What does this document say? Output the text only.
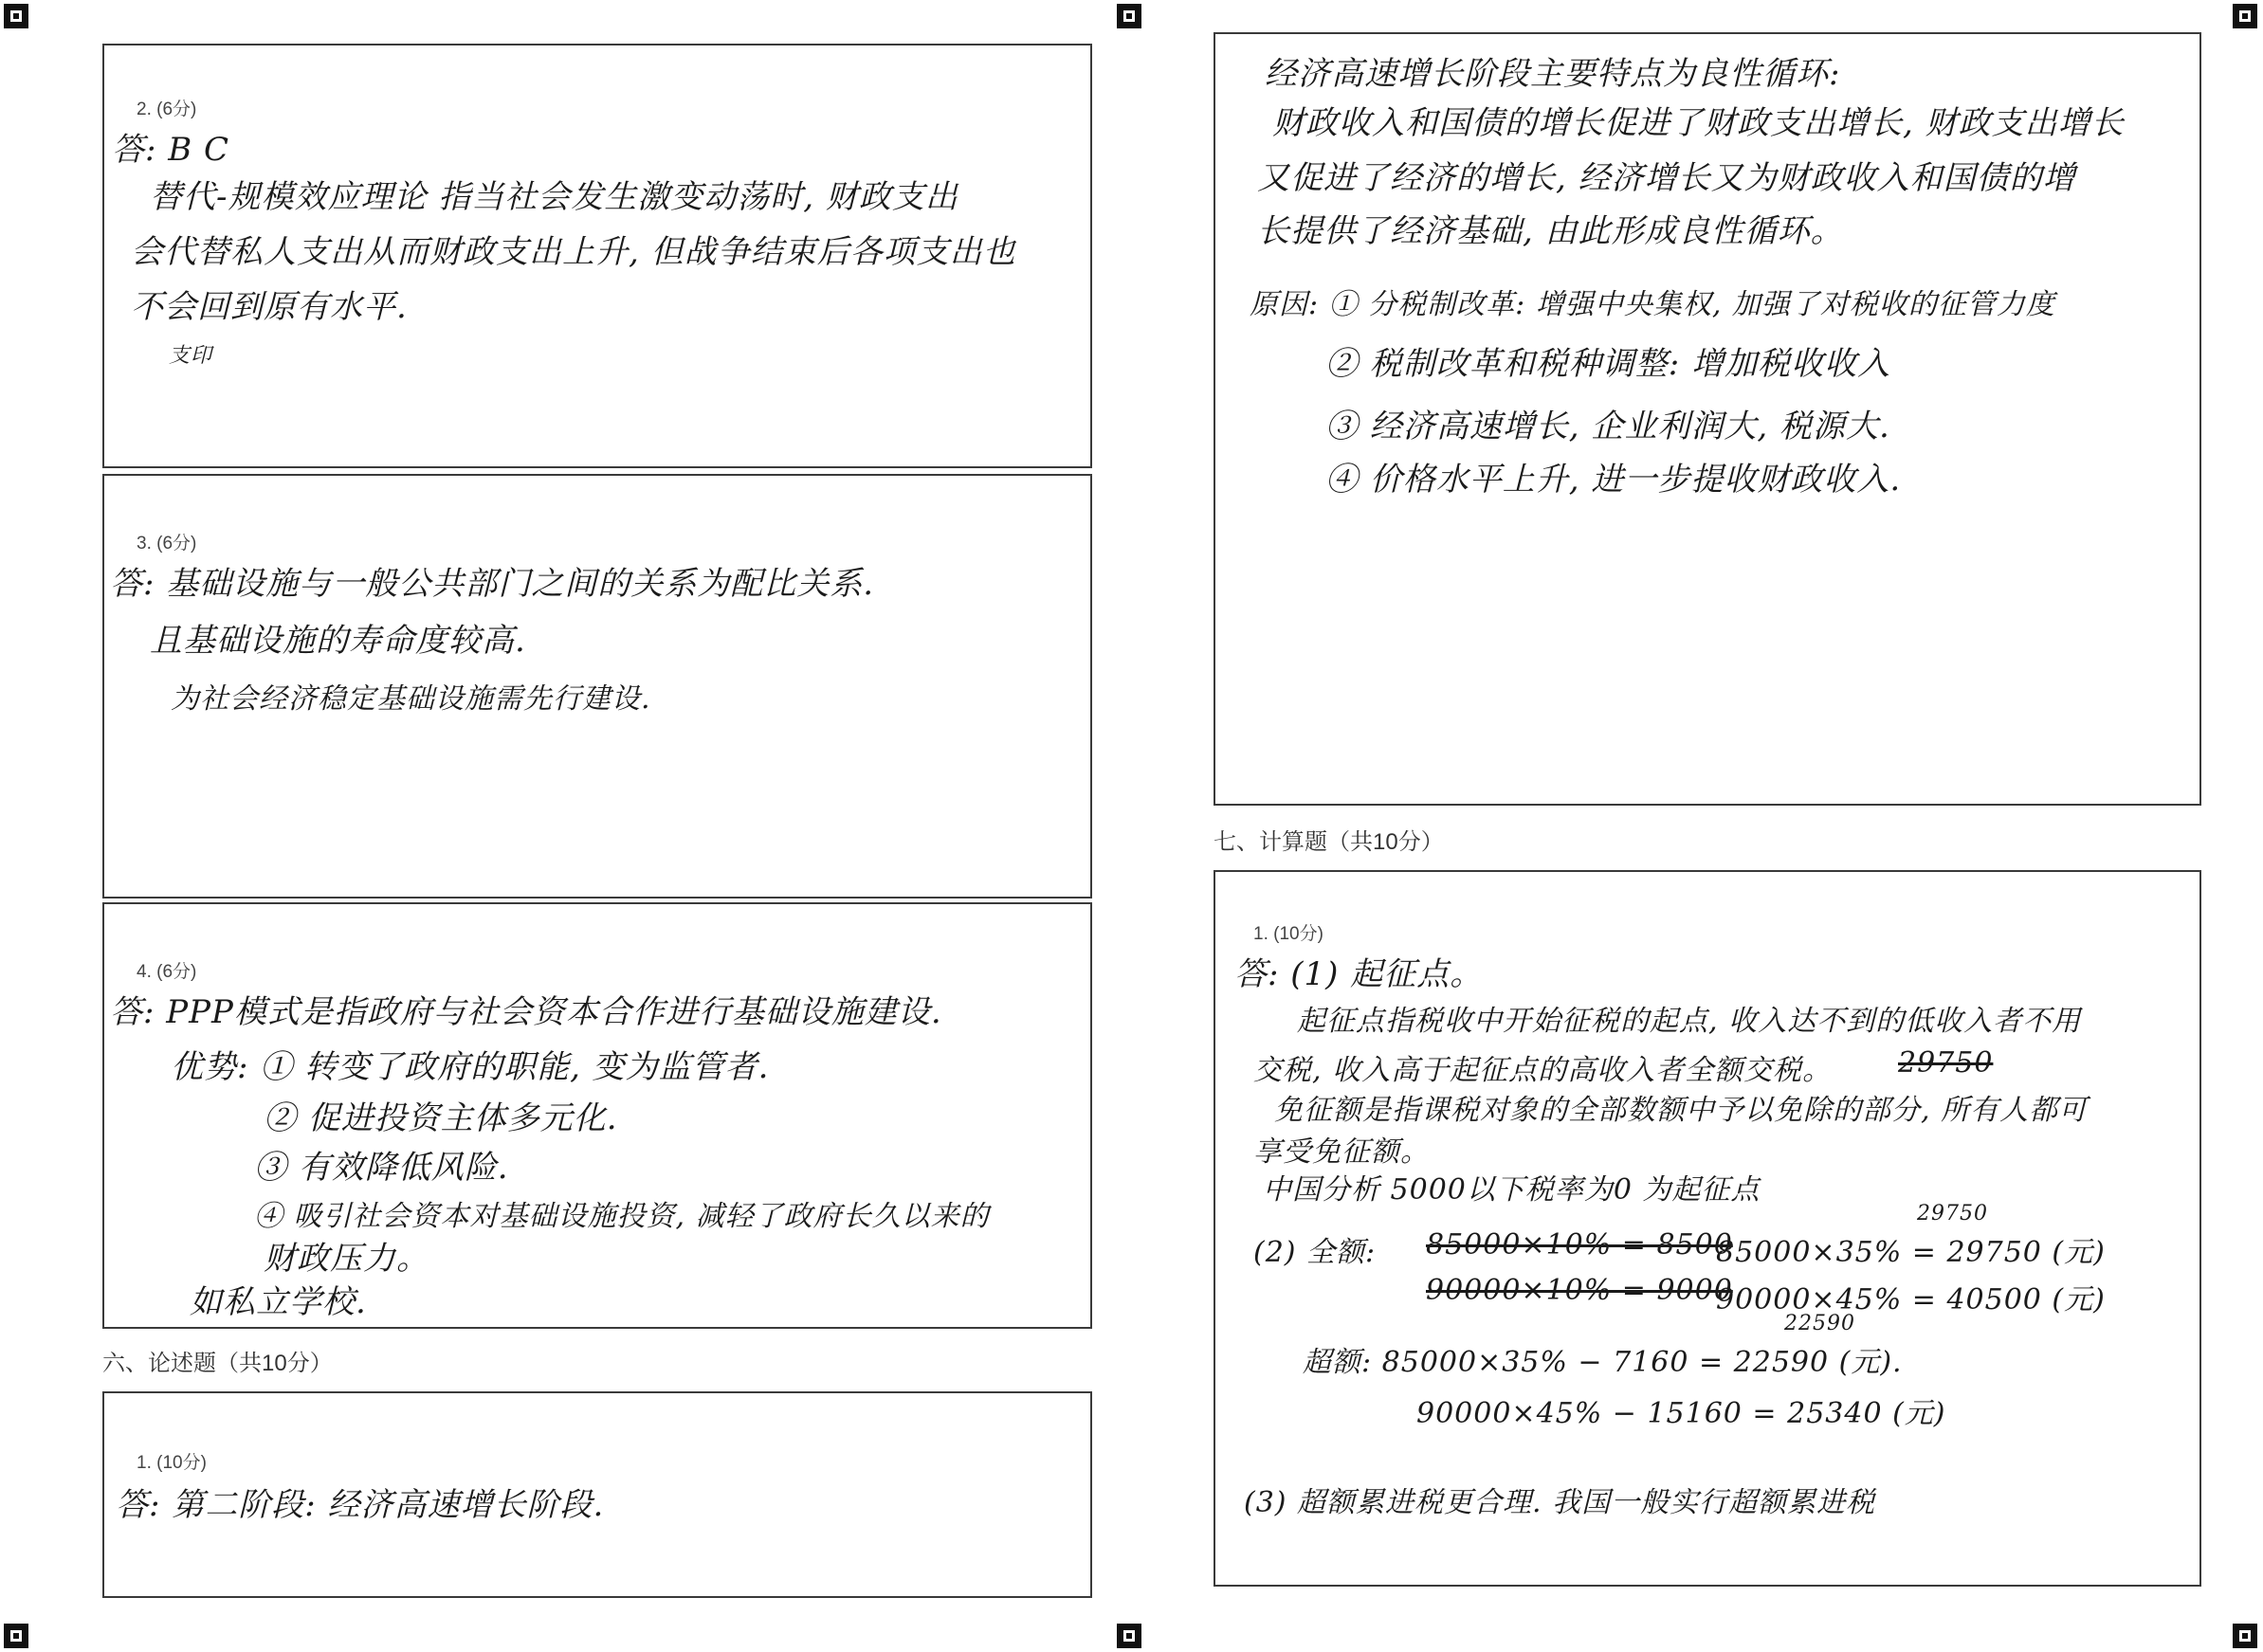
2. (6分)
答: B C
替代-规模效应理论 指当社会发生激变动荡时, 财政支出
会代替私人支出从而财政支出上升, 但战争结束后各项支出也
不会回到原有水平.
支印
3. (6分)
答: 基础设施与一般公共部门之间的关系为配比关系.
且基础设施的寿命度较高.
为社会经济稳定基础设施需先行建设.
4. (6分)
答: PPP模式是指政府与社会资本合作进行基础设施建设.
优势: ① 转变了政府的职能, 变为监管者.
② 促进投资主体多元化.
③ 有效降低风险.
④ 吸引社会资本对基础设施投资, 减轻了政府长久以来的
财政压力。
如私立学校.
六、论述题（共10分）
1. (10分)
答: 第二阶段: 经济高速增长阶段.
经济高速增长阶段主要特点为良性循环:
财政收入和国债的增长促进了财政支出增长, 财政支出增长
又促进了经济的增长, 经济增长又为财政收入和国债的增
长提供了经济基础, 由此形成良性循环。
原因: ① 分税制改革: 增强中央集权, 加强了对税收的征管力度
② 税制改革和税种调整: 增加税收收入
③ 经济高速增长, 企业利润大, 税源大.
④ 价格水平上升, 进一步提收财政收入.
七、计算题（共10分）
1. (10分)
答: (1) 起征点。
起征点指税收中开始征税的起点, 收入达不到的低收入者不用
交税, 收入高于起征点的高收入者全额交税。 29750
免征额是指课税对象的全部数额中予以免除的部分, 所有人都可
享受免征额。
中国分析 5000以下税率为0 为起征点
29750
(2) 全额: 85000×10% = 8500
85000×35% = 29750 (元)
90000×10% = 9000
90000×45% = 40500 (元)
22590
超额: 85000×35% − 7160 = 22590 (元).
90000×45% − 15160 = 25340 (元)
(3) 超额累进税更合理. 我国一般实行超额累进税
